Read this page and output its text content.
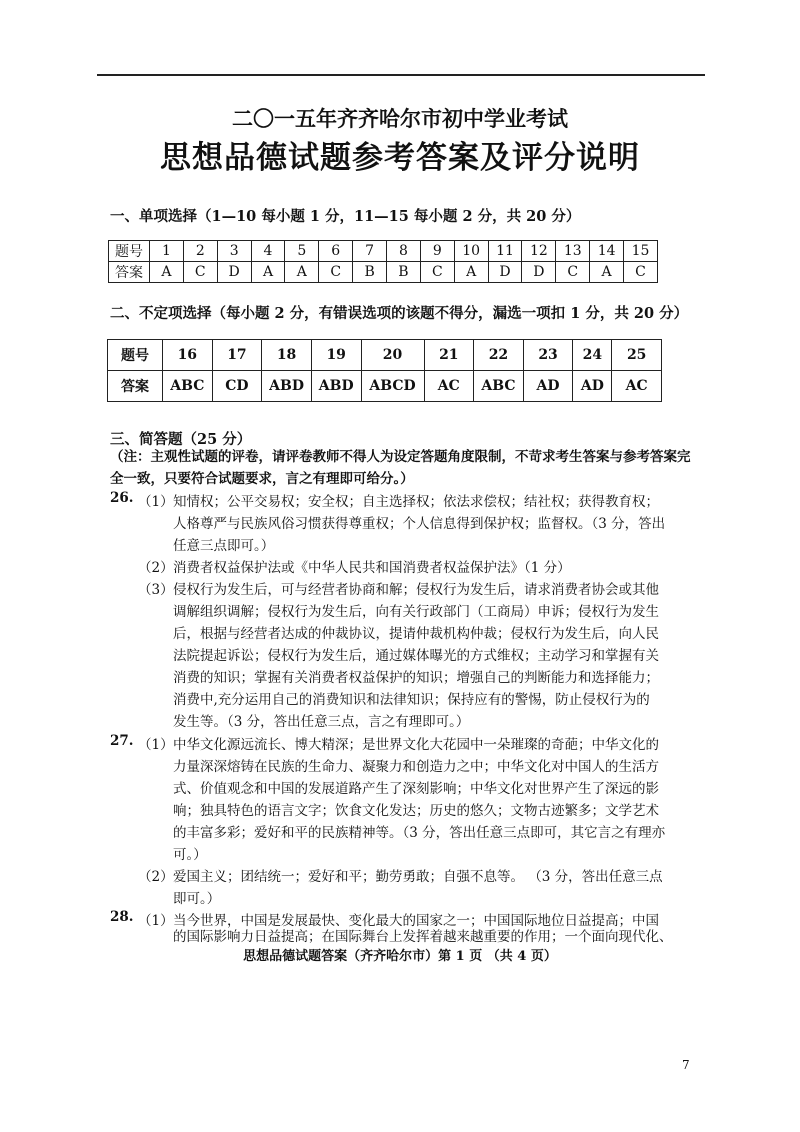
二〇一五年齐齐哈尔市初中学业考试
思想品德试题参考答案及评分说明
一、单项选择（1—10 每小题 1 分，11—15 每小题 2 分，共 20 分）
题号	1	2	3	4	5	6	7	8	9	10	11	12	13	14	15
答案	A	C	D	A	A	C	B	B	C	A	D	D	C	A	C
二、不定项选择（每小题 2 分，有错误选项的该题不得分，漏选一项扣 1 分，共 20 分）
题号	16	17	18	19	20	21	22	23	24	25
答案	ABC	CD	ABD	ABD	ABCD	AC	ABC	AD	AD	AC
三、简答题（25 分）
（注：主观性试题的评卷，请评卷教师不得人为设定答题角度限制，不苛求考生答案与参考答案完全一致，只要符合试题要求，言之有理即可给分。）
26. （1） 知情权；公平交易权；安全权；自主选择权；依法求偿权；结社权；获得教育权；
人格尊严与民族风俗习惯获得尊重权；个人信息得到保护权；监督权。（3 分，答出
任意三点即可。）
（2） 消费者权益保护法或《中华人民共和国消费者权益保护法》（1 分）
（3） 侵权行为发生后，可与经营者协商和解；侵权行为发生后，请求消费者协会或其他
调解组织调解；侵权行为发生后，向有关行政部门（工商局）申诉；侵权行为发生
后，根据与经营者达成的仲裁协议，提请仲裁机构仲裁；侵权行为发生后，向人民
法院提起诉讼；侵权行为发生后，通过媒体曝光的方式维权；主动学习和掌握有关
消费的知识；掌握有关消费者权益保护的知识；增强自己的判断能力和选择能力；
消费中,充分运用自己的消费知识和法律知识；保持应有的警惕，防止侵权行为的
发生等。（3 分，答出任意三点，言之有理即可。）
27. （1） 中华文化源远流长、博大精深；是世界文化大花园中一朵璀璨的奇葩；中华文化的
力量深深熔铸在民族的生命力、凝聚力和创造力之中；中华文化对中国人的生活方
式、价值观念和中国的发展道路产生了深刻影响；中华文化对世界产生了深远的影
响；独具特色的语言文字；饮食文化发达；历史的悠久；文物古迹繁多；文学艺术
的丰富多彩；爱好和平的民族精神等。（3 分，答出任意三点即可，其它言之有理亦
可。）
（2） 爱国主义；团结统一；爱好和平；勤劳勇敢；自强不息等。 （3 分，答出任意三点
即可。）
28. （1） 当今世界，中国是发展最快、变化最大的国家之一；中国国际地位日益提高；中国
的国际影响力日益提高；在国际舞台上发挥着越来越重要的作用；一个面向现代化、
思想品德试题答案（齐齐哈尔市）第 1 页 （共 4 页）
7
